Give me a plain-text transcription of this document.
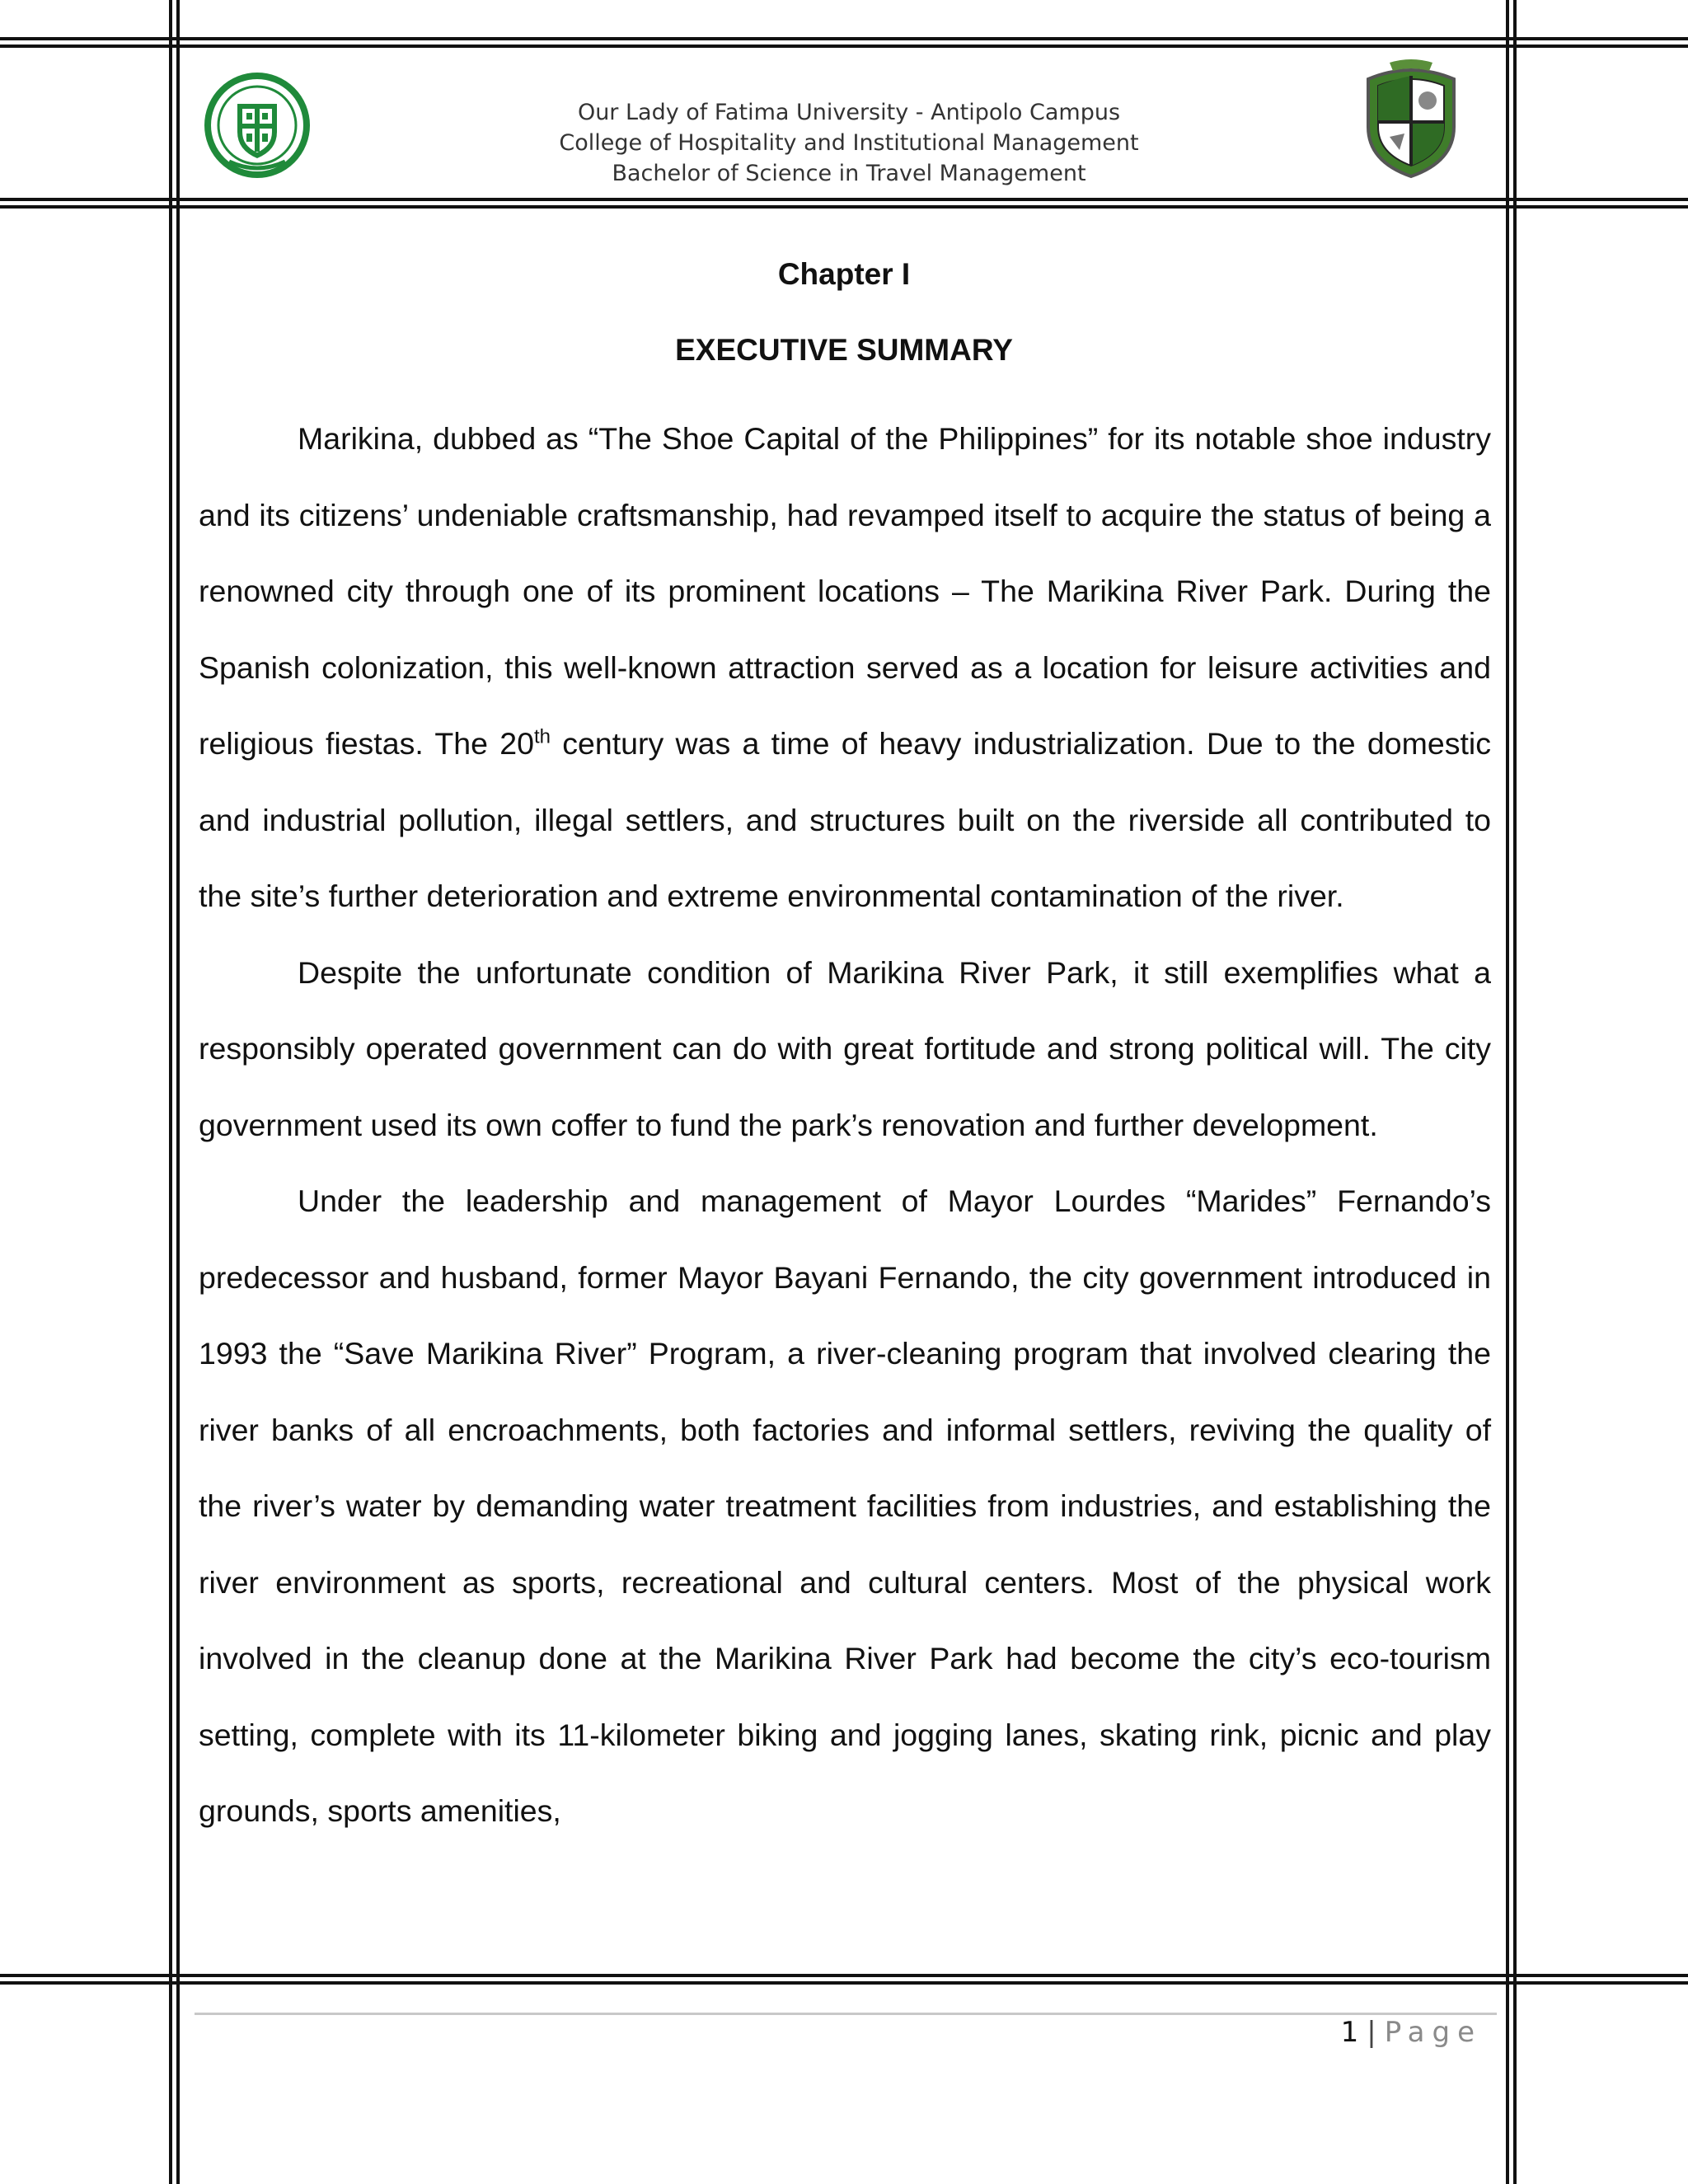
Our Lady of Fatima University - Antipolo Campus
College of Hospitality and Institutional Management
Bachelor of Science in Travel Management
Chapter I
EXECUTIVE SUMMARY

Marikina, dubbed as “The Shoe Capital of the Philippines” for its notable shoe industry and its citizens’ undeniable craftsmanship, had revamped itself to acquire the status of being a renowned city through one of its prominent locations – The Marikina River Park. During the Spanish colonization, this well-known attraction served as a location for leisure activities and religious fiestas. The 20th century was a time of heavy industrialization. Due to the domestic and industrial pollution, illegal settlers, and structures built on the riverside all contributed to the site’s further deterioration and extreme environmental contamination of the river.

Despite the unfortunate condition of Marikina River Park, it still exemplifies what a responsibly operated government can do with great fortitude and strong political will. The city government used its own coffer to fund the park’s renovation and further development.

Under the leadership and management of Mayor Lourdes “Marides” Fernando’s predecessor and husband, former Mayor Bayani Fernando, the city government introduced in 1993 the “Save Marikina River” Program, a river-cleaning program that involved clearing the river banks of all encroachments, both factories and informal settlers, reviving the quality of the river’s water by demanding water treatment facilities from industries, and establishing the river environment as sports, recreational and cultural centers. Most of the physical work involved in the cleanup done at the Marikina River Park had become the city’s eco-tourism setting, complete with its 11-kilometer biking and jogging lanes, skating rink, picnic and play grounds, sports amenities,

1 | Page
